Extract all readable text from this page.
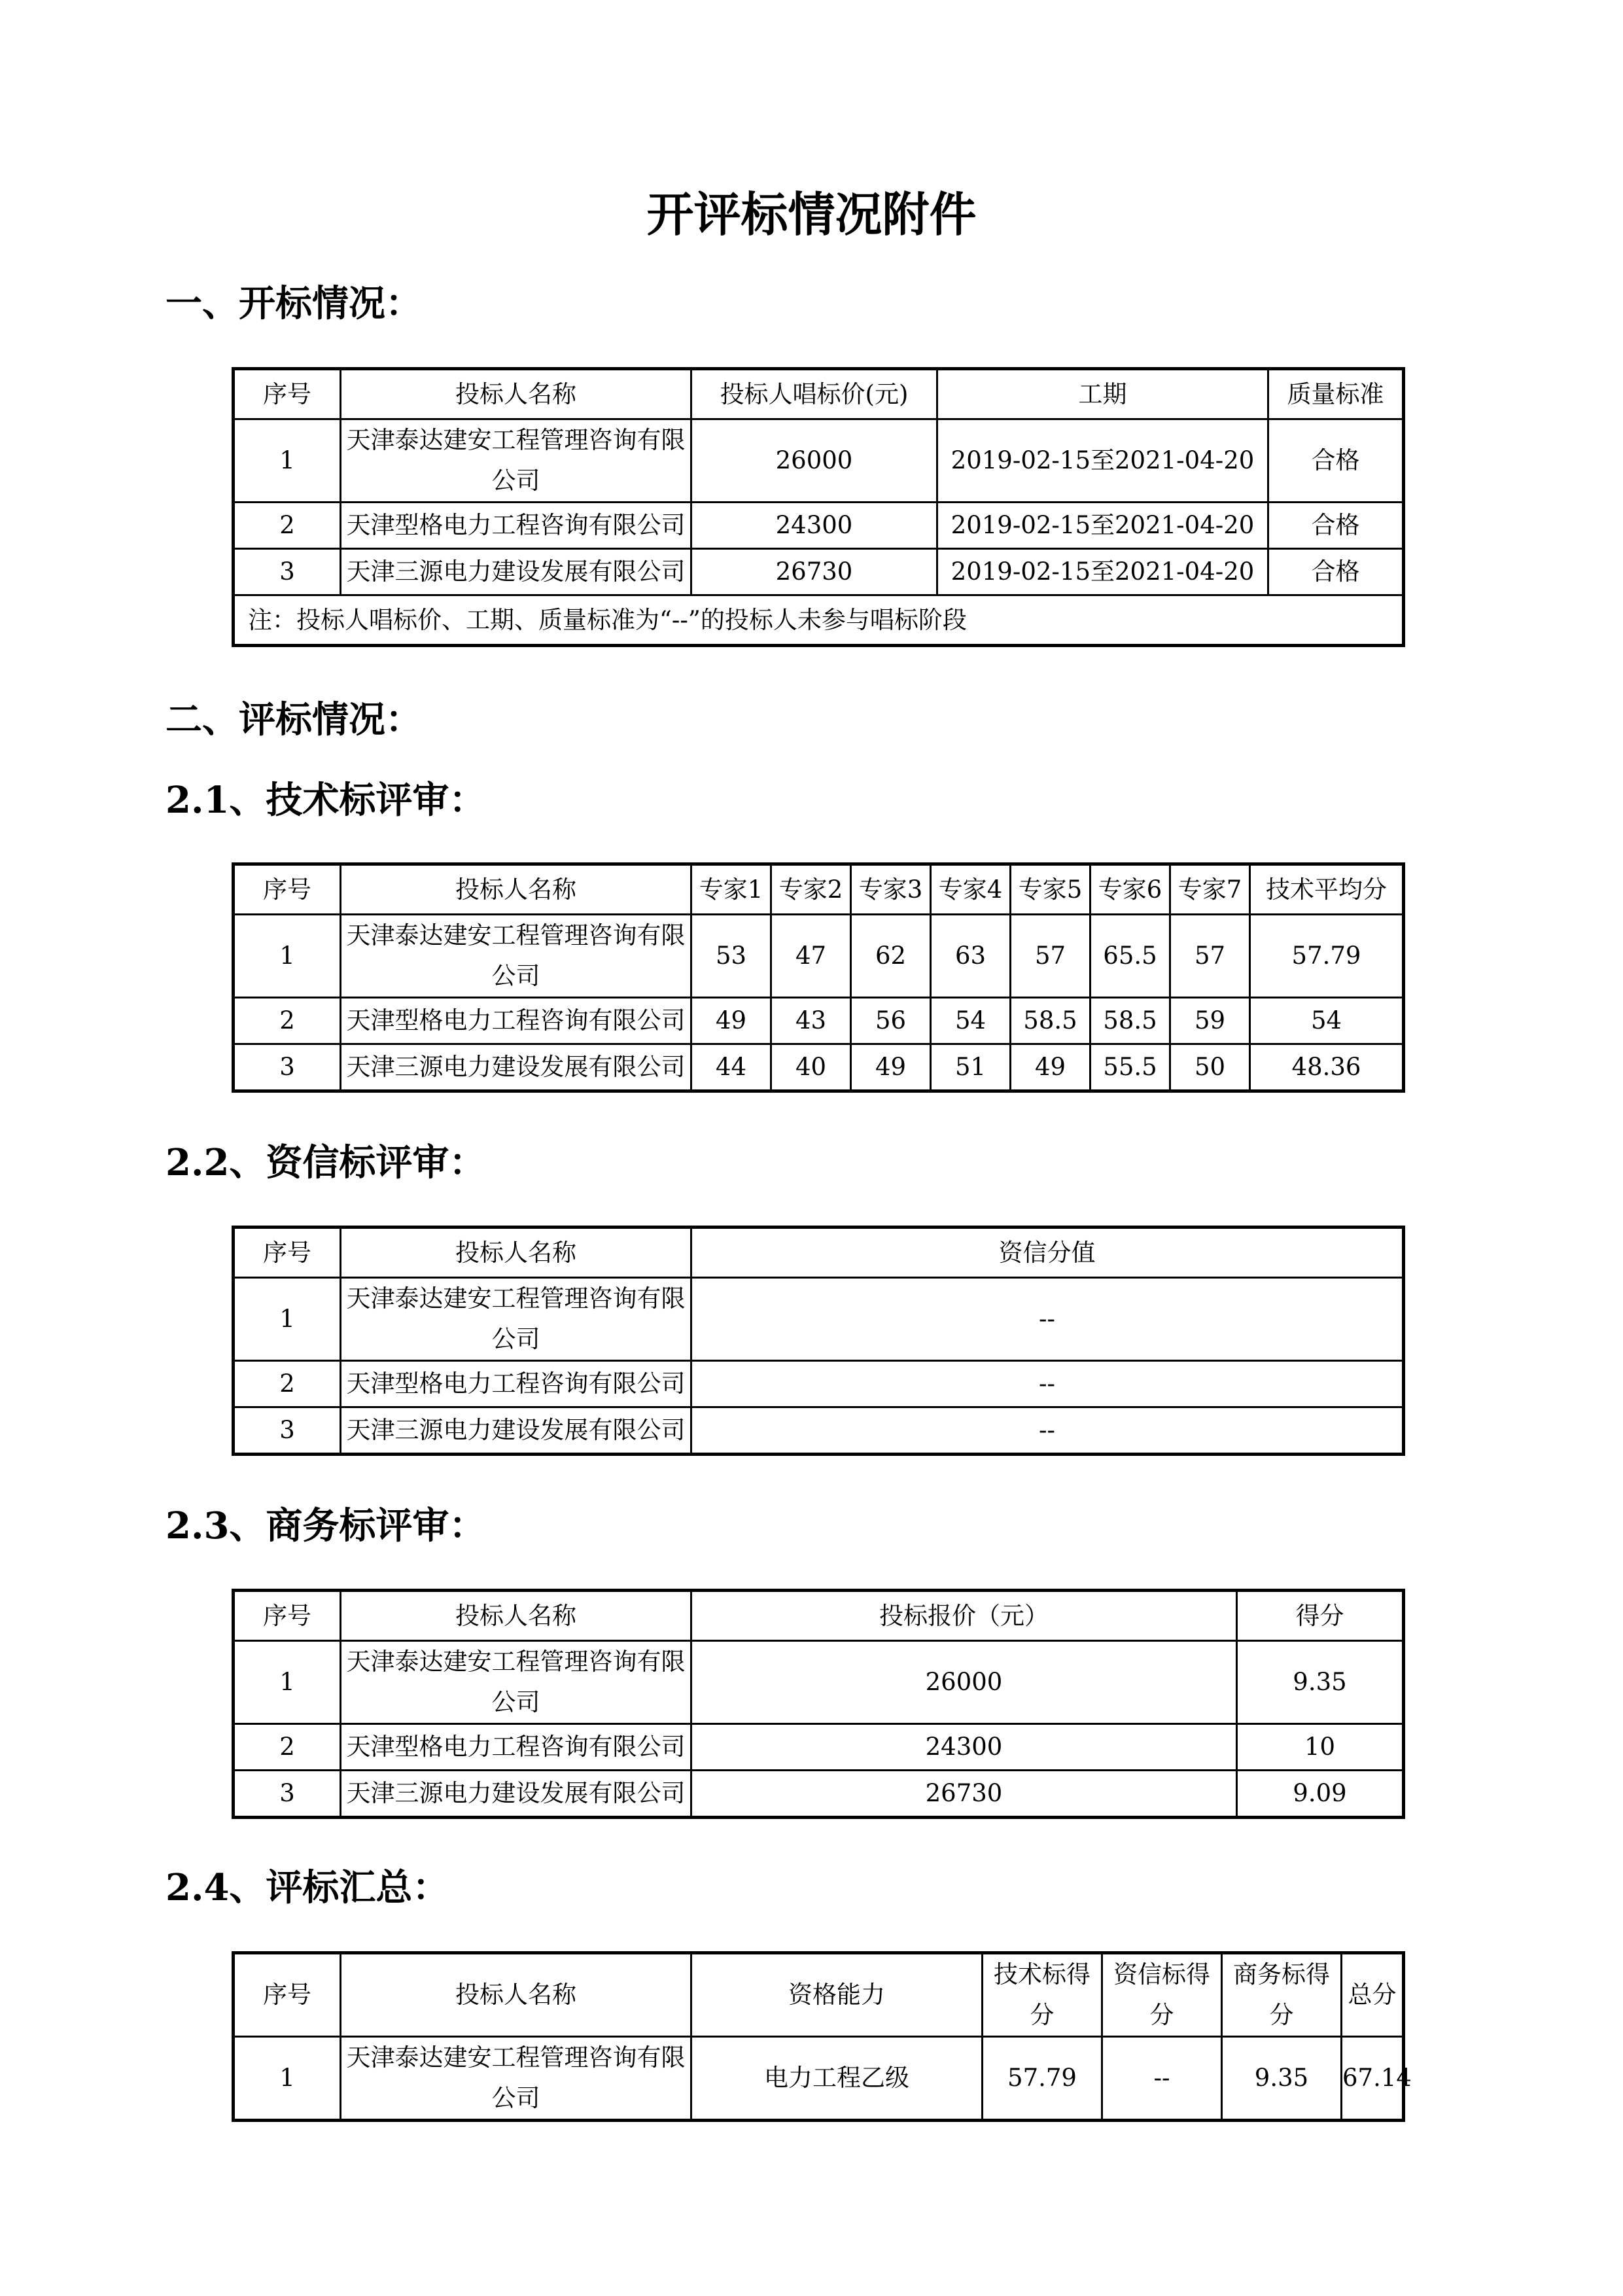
开评标情况附件
一、开标情况：
序号	投标人名称	投标人唱标价(元)	工期	质量标准
1	天津泰达建安工程管理咨询有限公司	26000	2019-02-15至2021-04-20	合格
2	天津型格电力工程咨询有限公司	24300	2019-02-15至2021-04-20	合格
3	天津三源电力建设发展有限公司	26730	2019-02-15至2021-04-20	合格
注：投标人唱标价、工期、质量标准为“--”的投标人未参与唱标阶段				
二、评标情况：
2.1、技术标评审：
序号	投标人名称	专家1	专家2	专家3	专家4	专家5	专家6	专家7	技术平均分
1	天津泰达建安工程管理咨询有限公司	53	47	62	63	57	65.5	57	57.79
2	天津型格电力工程咨询有限公司	49	43	56	54	58.5	58.5	59	54
3	天津三源电力建设发展有限公司	44	40	49	51	49	55.5	50	48.36
2.2、资信标评审：
序号	投标人名称	资信分值
1	天津泰达建安工程管理咨询有限公司	--
2	天津型格电力工程咨询有限公司	--
3	天津三源电力建设发展有限公司	--
2.3、商务标评审：
序号	投标人名称	投标报价（元）	得分
1	天津泰达建安工程管理咨询有限公司	26000	9.35
2	天津型格电力工程咨询有限公司	24300	10
3	天津三源电力建设发展有限公司	26730	9.09
2.4、评标汇总：
序号	投标人名称	资格能力	技术标得分	资信标得分	商务标得分	总分
1	天津泰达建安工程管理咨询有限公司	电力工程乙级	57.79	--	9.35	67.14
